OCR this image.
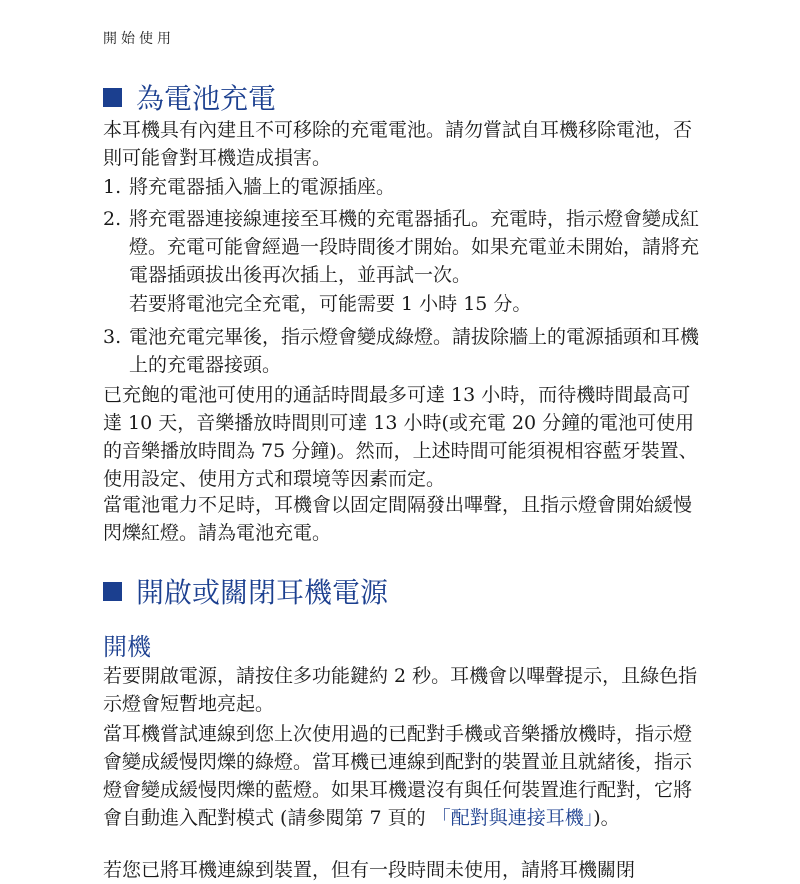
開始使用
為電池充電

本耳機具有內建且不可移除的充電電池。請勿嘗試自耳機移除電池，否則可能會對耳機造成損害。

1. 將充電器插入牆上的電源插座。
2. 將充電器連接線連接至耳機的充電器插孔。充電時，指示燈會變成紅燈。充電可能會經過一段時間後才開始。如果充電並未開始，請將充電器插頭拔出後再次插上，並再試一次。

若要將電池完全充電，可能需要 1 小時 15 分。

3. 電池充電完畢後，指示燈會變成綠燈。請拔除牆上的電源插頭和耳機上的充電器接頭。

已充飽的電池可使用的通話時間最多可達 13 小時，而待機時間最高可達 10 天，音樂播放時間則可達 13 小時(或充電 20 分鐘的電池可使用的音樂播放時間為 75 分鐘)。然而，上述時間可能須視相容藍牙裝置、使用設定、使用方式和環境等因素而定。

當電池電力不足時，耳機會以固定間隔發出嗶聲，且指示燈會開始緩慢閃爍紅燈。請為電池充電。

開啟或關閉耳機電源
開機

若要開啟電源，請按住多功能鍵約 2 秒。耳機會以嗶聲提示，且綠色指示燈會短暫地亮起。

當耳機嘗試連線到您上次使用過的已配對手機或音樂播放機時，指示燈會變成緩慢閃爍的綠燈。當耳機已連線到配對的裝置並且就緒後，指示燈會變成緩慢閃爍的藍燈。如果耳機還沒有與任何裝置進行配對，它將會自動進入配對模式 (請參閱第 7 頁的 「配對與連接耳機」)。

若您已將耳機連線到裝置，但有一段時間未使用，請將耳機關閉
